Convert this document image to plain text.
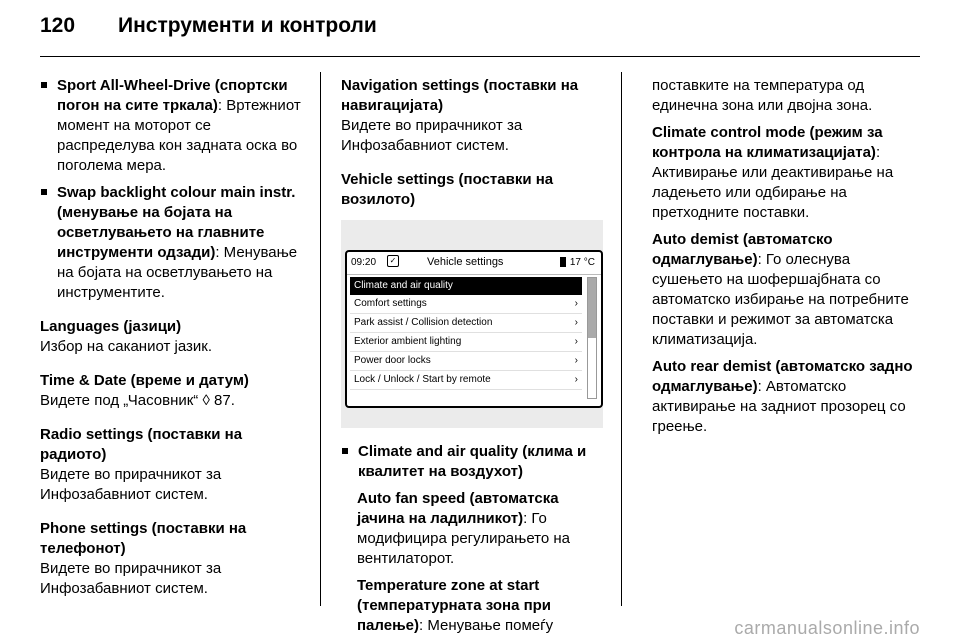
120 Инструменти и контроли
Sport All-Wheel-Drive (спортски погон на сите тркала): Вртежниот момент на моторот се распределува кон задната оска во поголема мера.
Swap backlight colour main instr. (менување на бојата на осветлувањето на главните инструменти одзади): Менување на бојата на осветлувањето на инструментите.
Languages (јазици)
Избор на саканиот јазик.
Time & Date (време и датум)
Видете под „Часовник“ ◊ 87.
Radio settings (поставки на радиото)
Видете во прирачникот за Инфозабавниот систем.
Phone settings (поставки на телефонот)
Видете во прирачникот за Инфозабавниот систем.
Navigation settings (поставки на навигацијата)
Видете во прирачникот за Инфозабавниот систем.
Vehicle settings (поставки на возилото)
09:20	✓	Vehicle settings	17 °C
Climate and air quality
Comfort settings	›
Park assist / Collision detection	›
Exterior ambient lighting	›
Power door locks	›
Lock / Unlock / Start by remote	›
Climate and air quality (клима и квалитет на воздухот)
Auto fan speed (автоматска јачина на ладилникот): Го модифицира регулирањето на вентилаторот.
Temperature zone at start (температурната зона при палење): Менување помеѓу
поставките на температура од единечна зона или двојна зона.
Climate control mode (режим за контрола на климатизацијата): Активирање или деактивирање на ладењето или одбирање на претходните поставки.
Auto demist (автоматско одмаглување): Го олеснува сушењето на шофершајбната со автоматско избирање на потребните поставки и режимот за автоматска климатизација.
Auto rear demist (автоматско задно одмаглување): Автоматско активирање на задниот прозорец со греење.
carmanualsonline.info
